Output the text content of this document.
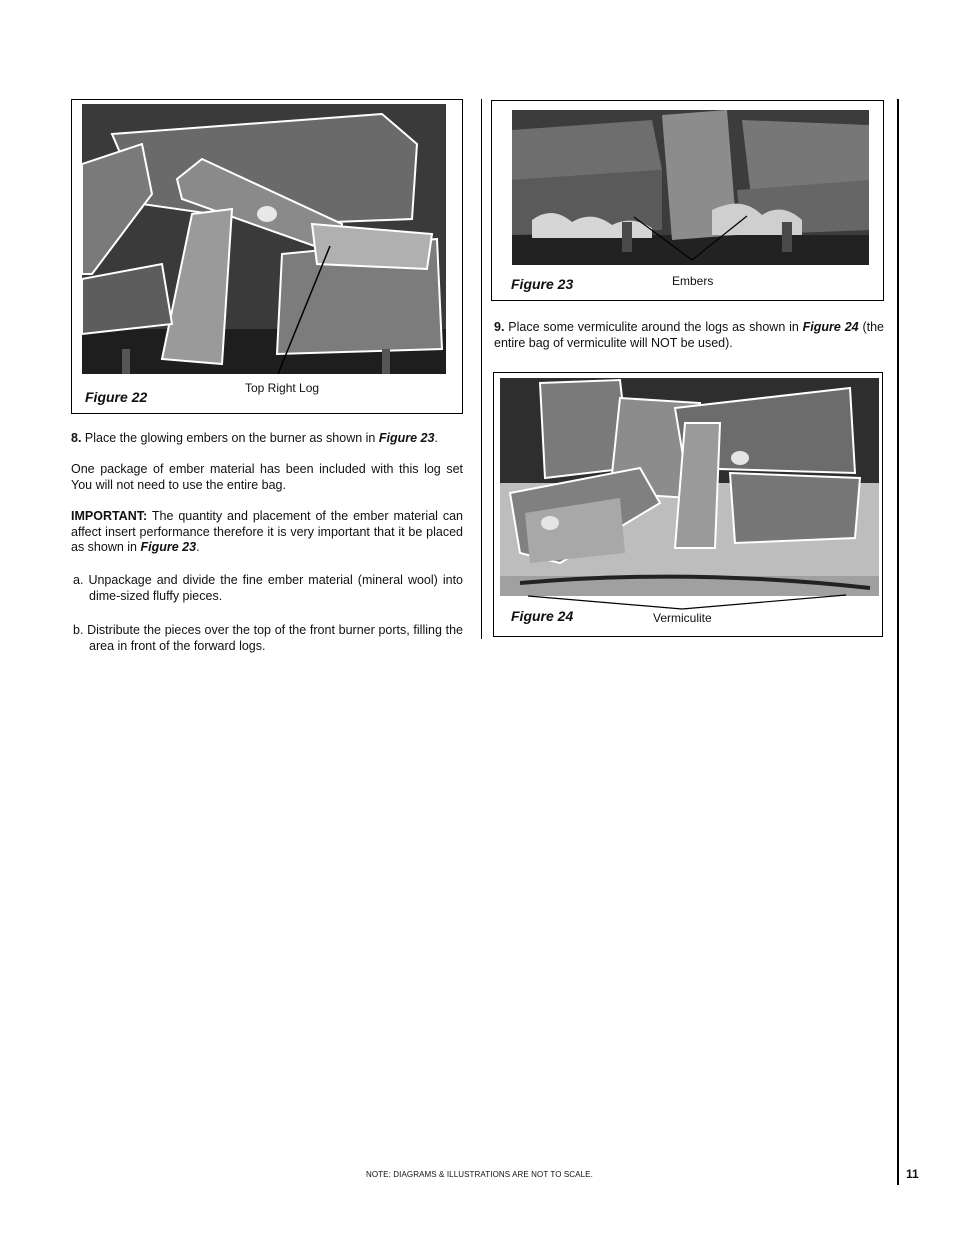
Figure 22
Top Right Log
8. Place the glowing embers on the burner as shown in Figure 23.
One package of ember material has been included with this log set You will not need to use the entire bag.
IMPORTANT: The quantity and placement of the ember material can affect insert performance therefore it is very important that it be placed as shown in Figure 23.
a. Unpackage and divide the fine ember material (mineral wool) into dime-sized fluffy pieces.
b. Distribute the pieces over the top of the front burner ports, filling the area in front of the forward logs.
Figure 23	Embers
9. Place some vermiculite around the logs as shown in Figure 24 (the entire bag of vermiculite will NOT be used).
Figure 24	Vermiculite
NOTE: DIAGRAMS & ILLUSTRATIONS ARE NOT TO SCALE.	11
